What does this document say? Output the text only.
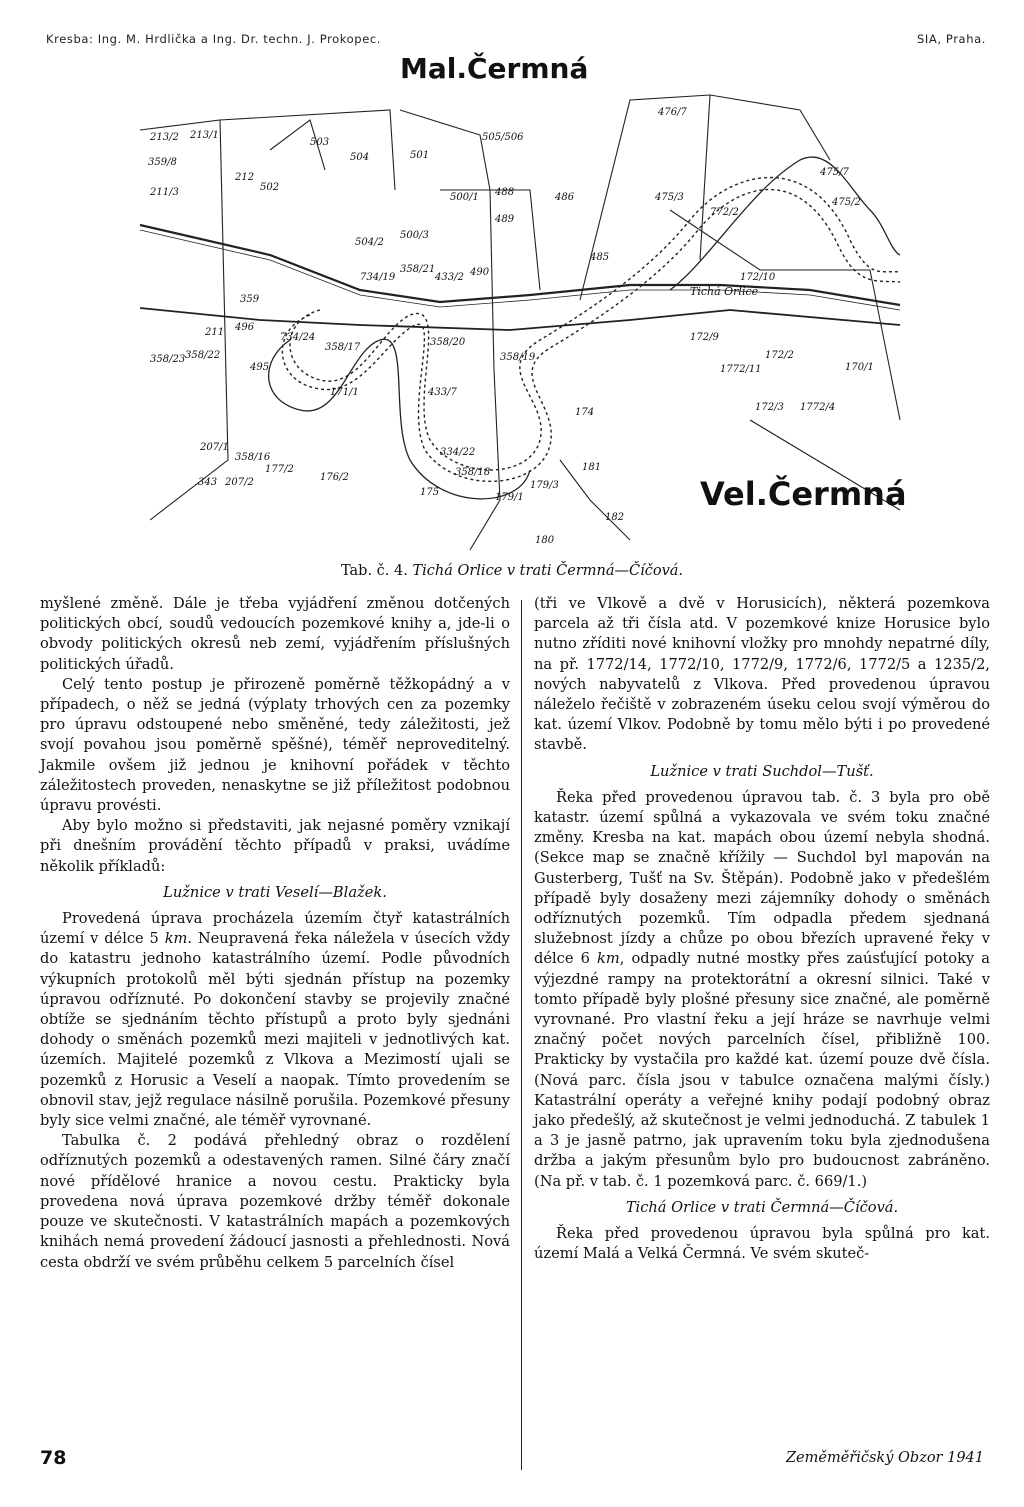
Kresba: Ing. M. Hrdlička a Ing. Dr. techn. J. Prokopec.	SIA, Praha.
213/2 213/1
359/8
211/3
212
502
503
504	501
505/506
488	486
500/1
500/3
489
490
504/2
734/19
358/21
433/2
476/7
475/7
475/2
475/3
772/2
172/10
485
Tichá Orlice
359
496
211
358/22
358/23
734/24
358/17
495
358/20
358/19
172/9
170/1
172/2
1772/11
172/3 1772/4
433/7
171/1
174
207/1
358/16
177/2
207/2	176/2
175
181
179/1
179/3
182
180
334/22
358/18
343
Mal.Čermná
Vel.Čermná
Tab. č. 4. Tichá Orlice v trati Čermná—Číčová.

myšlené změně. Dále je třeba vyjádření změnou dotčených politických obcí, soudů vedoucích pozemkové knihy a, jde-li o obvody politických okresů neb zemí, vyjádřením příslušných politických úřadů.

Celý tento postup je přirozeně poměrně těžkopádný a v případech, o něž se jedná (výplaty trhových cen za pozemky pro úpravu odstoupené nebo směněné, tedy záležitosti, jež svojí povahou jsou poměrně spěšné), téměř neproveditelný. Jakmile ovšem již jednou je knihovní pořádek v těchto záležitostech proveden, nenaskytne se již příležitost podobnou úpravu provésti.

Aby bylo možno si představiti, jak nejasné poměry vznikají při dnešním provádění těchto případů v praksi, uvádíme několik příkladů:

Lužnice v trati Veselí—Blažek.

Provedená úprava procházela územím čtyř katastrálních území v délce 5 km. Neupravená řeka náležela v úsecích vždy do katastru jednoho katastrálního území. Podle původních výkupních protokolů měl býti sjednán přístup na pozemky úpravou odříznuté. Po dokončení stavby se projevily značné obtíže se sjednáním těchto přístupů a proto byly sjednáni dohody o směnách pozemků mezi majiteli v jednotlivých kat. územích. Majitelé pozemků z Vlkova a Mezimostí ujali se pozemků z Horusic a Veselí a naopak. Tímto provedením se obnovil stav, jejž regulace násilně porušila. Pozemkové přesuny byly sice velmi značné, ale téměř vyrovnané.

Tabulka č. 2 podává přehledný obraz o rozdělení odříznutých pozemků a odestavených ramen. Silné čáry značí nové přídělové hranice a novou cestu. Prakticky byla provedena nová úprava pozemkové držby téměř dokonale pouze ve skutečnosti. V katastrálních mapách a pozemkových knihách nemá provedení žádoucí jasnosti a přehlednosti. Nová cesta obdrží ve svém průběhu celkem 5 parcelních čísel

(tři ve Vlkově a dvě v Horusicích), některá pozemkova parcela až tři čísla atd. V pozemkové knize Horusice bylo nutno zříditi nové knihovní vložky pro mnohdy nepatrné díly, na př. 1772/14, 1772/10, 1772/9, 1772/6, 1772/5 a 1235/2, nových nabyvatelů z Vlkova. Před provedenou úpravou náleželo řečiště v zobrazeném úseku celou svojí výměrou do kat. území Vlkov. Podobně by tomu mělo býti i po provedené stavbě.

Lužnice v trati Suchdol—Tušť.

Řeka před provedenou úpravou tab. č. 3 byla pro obě katastr. území spůlná a vykazovala ve svém toku značné změny. Kresba na kat. mapách obou území nebyla shodná. (Sekce map se značně křížily — Suchdol byl mapován na Gusterberg, Tušť na Sv. Štěpán). Podobně jako v předešlém případě byly dosaženy mezi zájemníky dohody o směnách odříznutých pozemků. Tím odpadla předem sjednaná služebnost jízdy a chůze po obou březích upravené řeky v délce 6 km, odpadly nutné mostky přes zaúsťující potoky a výjezdné rampy na protektorátní a okresní silnici. Také v tomto případě byly plošné přesuny sice značné, ale poměrně vyrovnané. Pro vlastní řeku a její hráze se navrhuje velmi značný počet nových parcelních čísel, přibližně 100. Prakticky by vystačila pro každé kat. území pouze dvě čísla. (Nová parc. čísla jsou v tabulce označena malými čísly.) Katastrální operáty a veřejné knihy podají podobný obraz jako předešlý, až skutečnost je velmi jednoduchá. Z tabulek 1 a 3 je jasně patrno, jak upravením toku byla zjednodušena držba a jakým přesunům bylo pro budoucnost zabráněno. (Na př. v tab. č. 1 pozemková parc. č. 669/1.)

Tichá Orlice v trati Čermná—Číčová.

Řeka před provedenou úpravou byla spůlná pro kat. území Malá a Velká Čermná. Ve svém skuteč-

78	Zeměměřičský Obzor 1941
